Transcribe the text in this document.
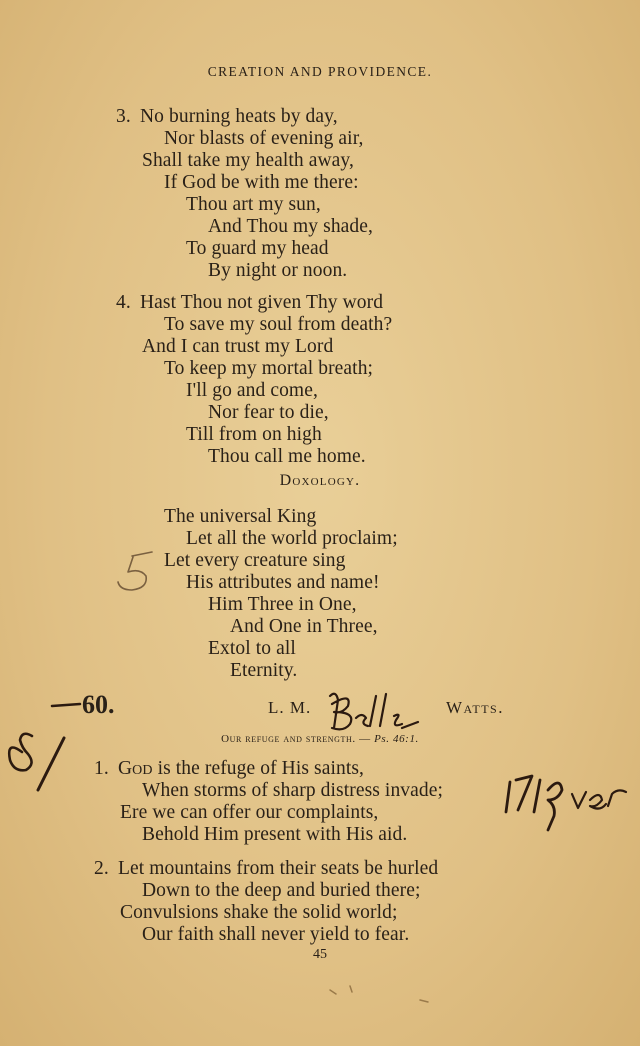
CREATION AND PROVIDENCE.
3. No burning heats by day,
Nor blasts of evening air,
Shall take my health away,
If God be with me there:
Thou art my sun,
And Thou my shade,
To guard my head
By night or noon.
4. Hast Thou not given Thy word
To save my soul from death?
And I can trust my Lord
To keep my mortal breath;
I'll go and come,
Nor fear to die,
Till from on high
Thou call me home.
Doxology.
The universal King
Let all the world proclaim;
Let every creature sing
His attributes and name!
Him Three in One,
And One in Three,
Extol to all
Eternity.
60.	L. M.	Watts.
Our refuge and strength. — Ps. 46:1.
1. God is the refuge of His saints,
When storms of sharp distress invade;
Ere we can offer our complaints,
Behold Him present with His aid.
2. Let mountains from their seats be hurled
Down to the deep and buried there;
Convulsions shake the solid world;
Our faith shall never yield to fear.
45
